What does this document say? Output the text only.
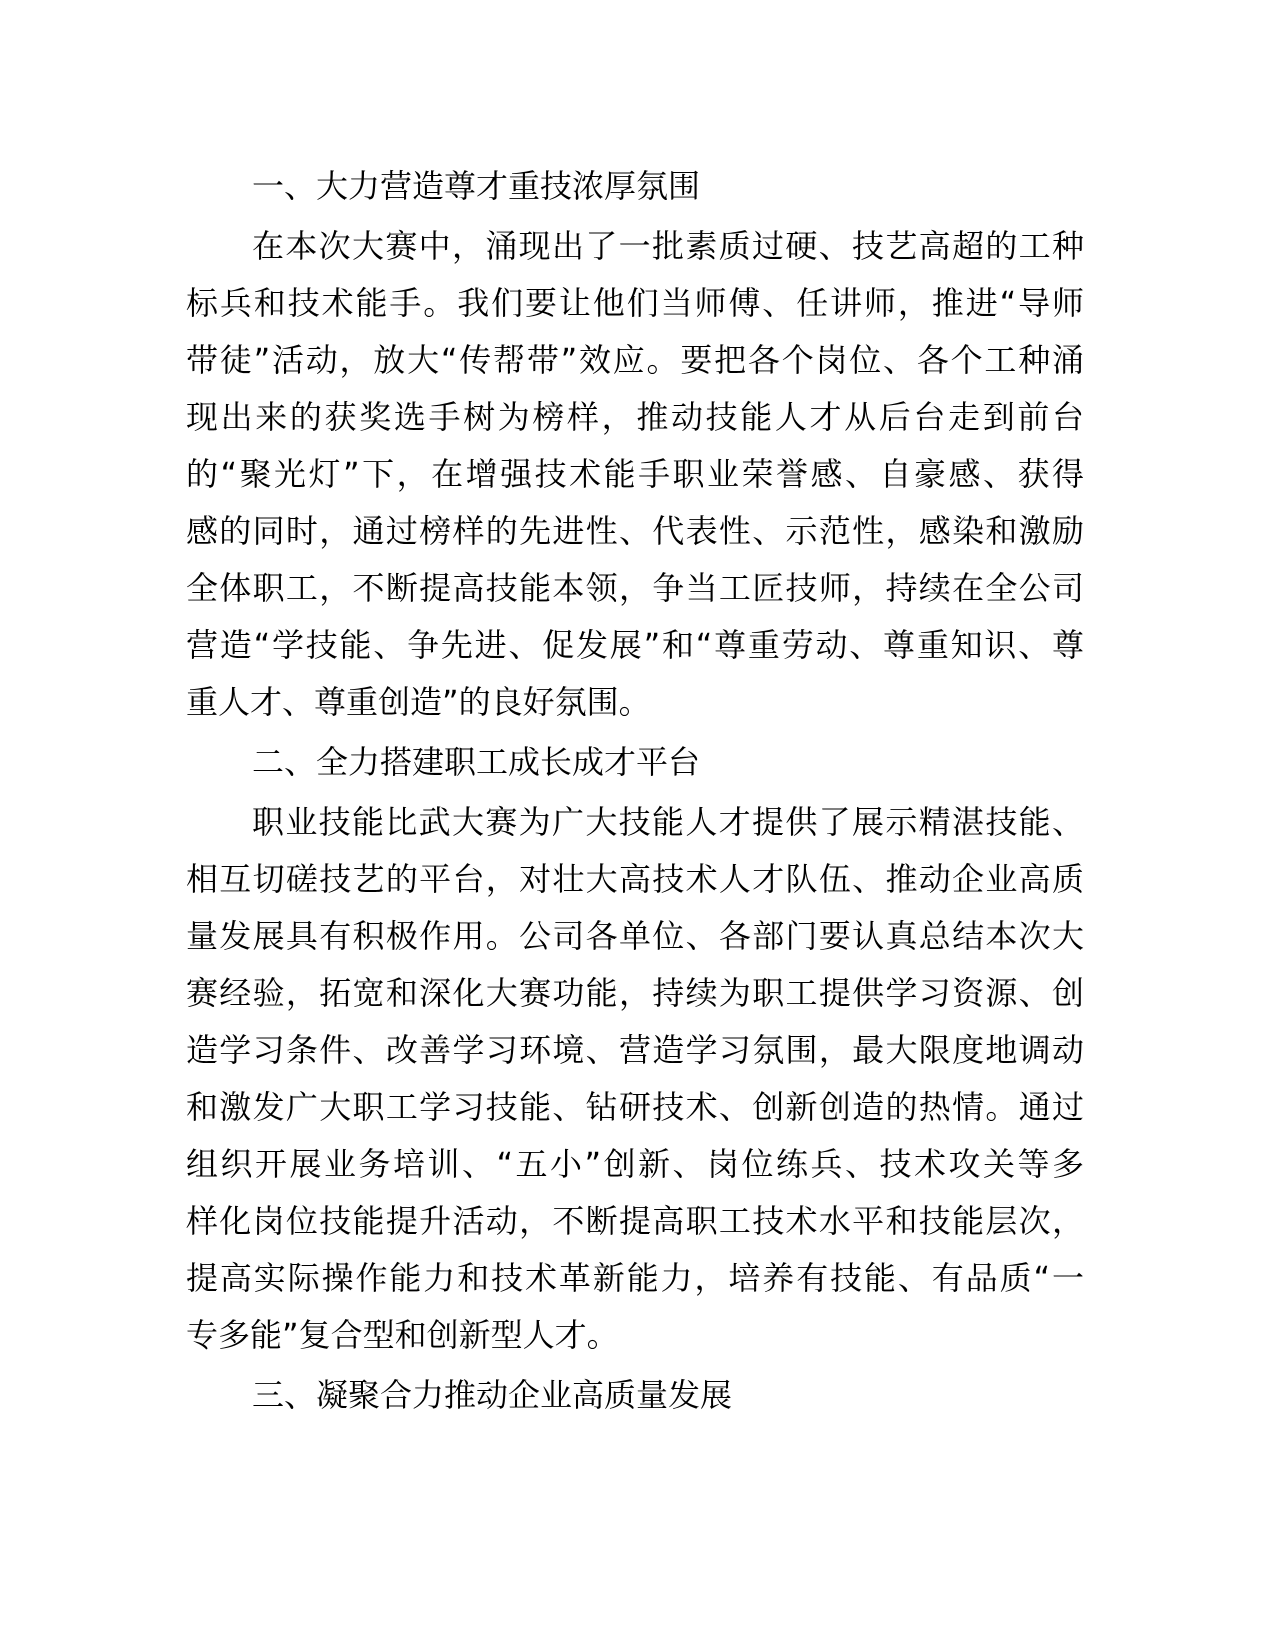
一、大力营造尊才重技浓厚氛围
在本次大赛中，涌现出了一批素质过硬、技艺高超的工种
标兵和技术能手。我们要让他们当师傅、任讲师，推进“导师
带徒”活动，放大“传帮带”效应。要把各个岗位、各个工种涌
现出来的获奖选手树为榜样，推动技能人才从后台走到前台
的“聚光灯”下，在增强技术能手职业荣誉感、自豪感、获得
感的同时，通过榜样的先进性、代表性、示范性，感染和激励
全体职工，不断提高技能本领，争当工匠技师，持续在全公司
营造“学技能、争先进、促发展”和“尊重劳动、尊重知识、尊
重人才、尊重创造”的良好氛围。
二、全力搭建职工成长成才平台
职业技能比武大赛为广大技能人才提供了展示精湛技能、
相互切磋技艺的平台，对壮大高技术人才队伍、推动企业高质
量发展具有积极作用。公司各单位、各部门要认真总结本次大
赛经验，拓宽和深化大赛功能，持续为职工提供学习资源、创
造学习条件、改善学习环境、营造学习氛围，最大限度地调动
和激发广大职工学习技能、钻研技术、创新创造的热情。通过
组织开展业务培训、“五小”创新、岗位练兵、技术攻关等多
样化岗位技能提升活动，不断提高职工技术水平和技能层次，
提高实际操作能力和技术革新能力，培养有技能、有品质“一
专多能”复合型和创新型人才。
三、凝聚合力推动企业高质量发展
